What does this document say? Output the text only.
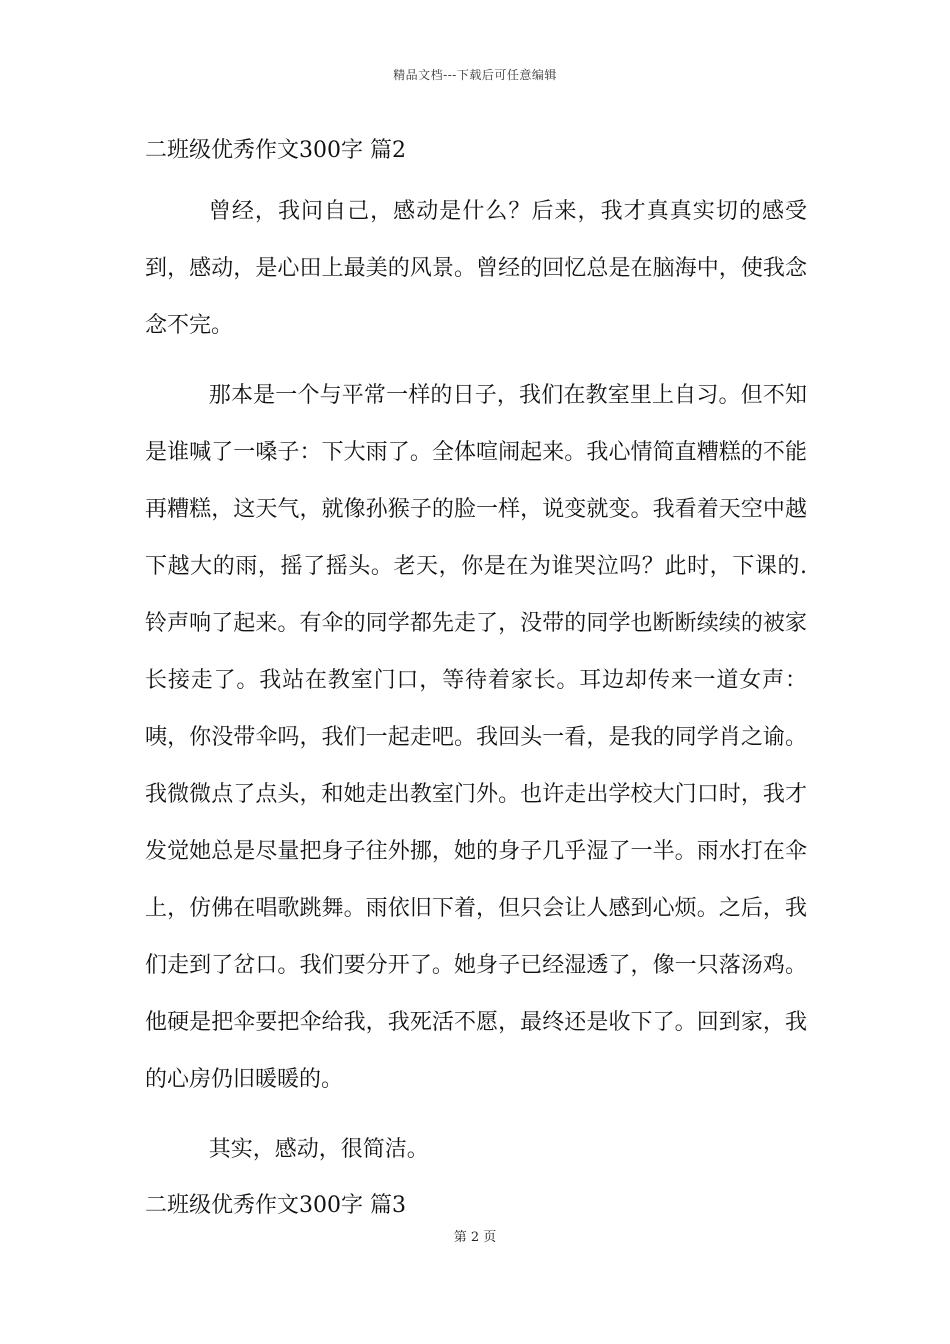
精品文档---下载后可任意编辑
二班级优秀作文300字 篇2

曾经，我问自己，感动是什么？后来，我才真真实切的感受到，感动，是心田上最美的风景。曾经的回忆总是在脑海中，使我念念不完。

那本是一个与平常一样的日子，我们在教室里上自习。但不知是谁喊了一嗓子：下大雨了。全体喧闹起来。我心情简直糟糕的不能再糟糕，这天气，就像孙猴子的脸一样，说变就变。我看着天空中越下越大的雨，摇了摇头。老天，你是在为谁哭泣吗？此时，下课的.铃声响了起来。有伞的同学都先走了，没带的同学也断断续续的被家长接走了。我站在教室门口，等待着家长。耳边却传来一道女声：咦，你没带伞吗，我们一起走吧。我回头一看，是我的同学肖之谕。我微微点了点头，和她走出教室门外。也许走出学校大门口时，我才发觉她总是尽量把身子往外挪，她的身子几乎湿了一半。雨水打在伞上，仿佛在唱歌跳舞。雨依旧下着，但只会让人感到心烦。之后，我们走到了岔口。我们要分开了。她身子已经湿透了，像一只落汤鸡。他硬是把伞要把伞给我，我死活不愿，最终还是收下了。回到家，我的心房仍旧暖暖的。

其实，感动，很简洁。

二班级优秀作文300字 篇3
第 2 页
